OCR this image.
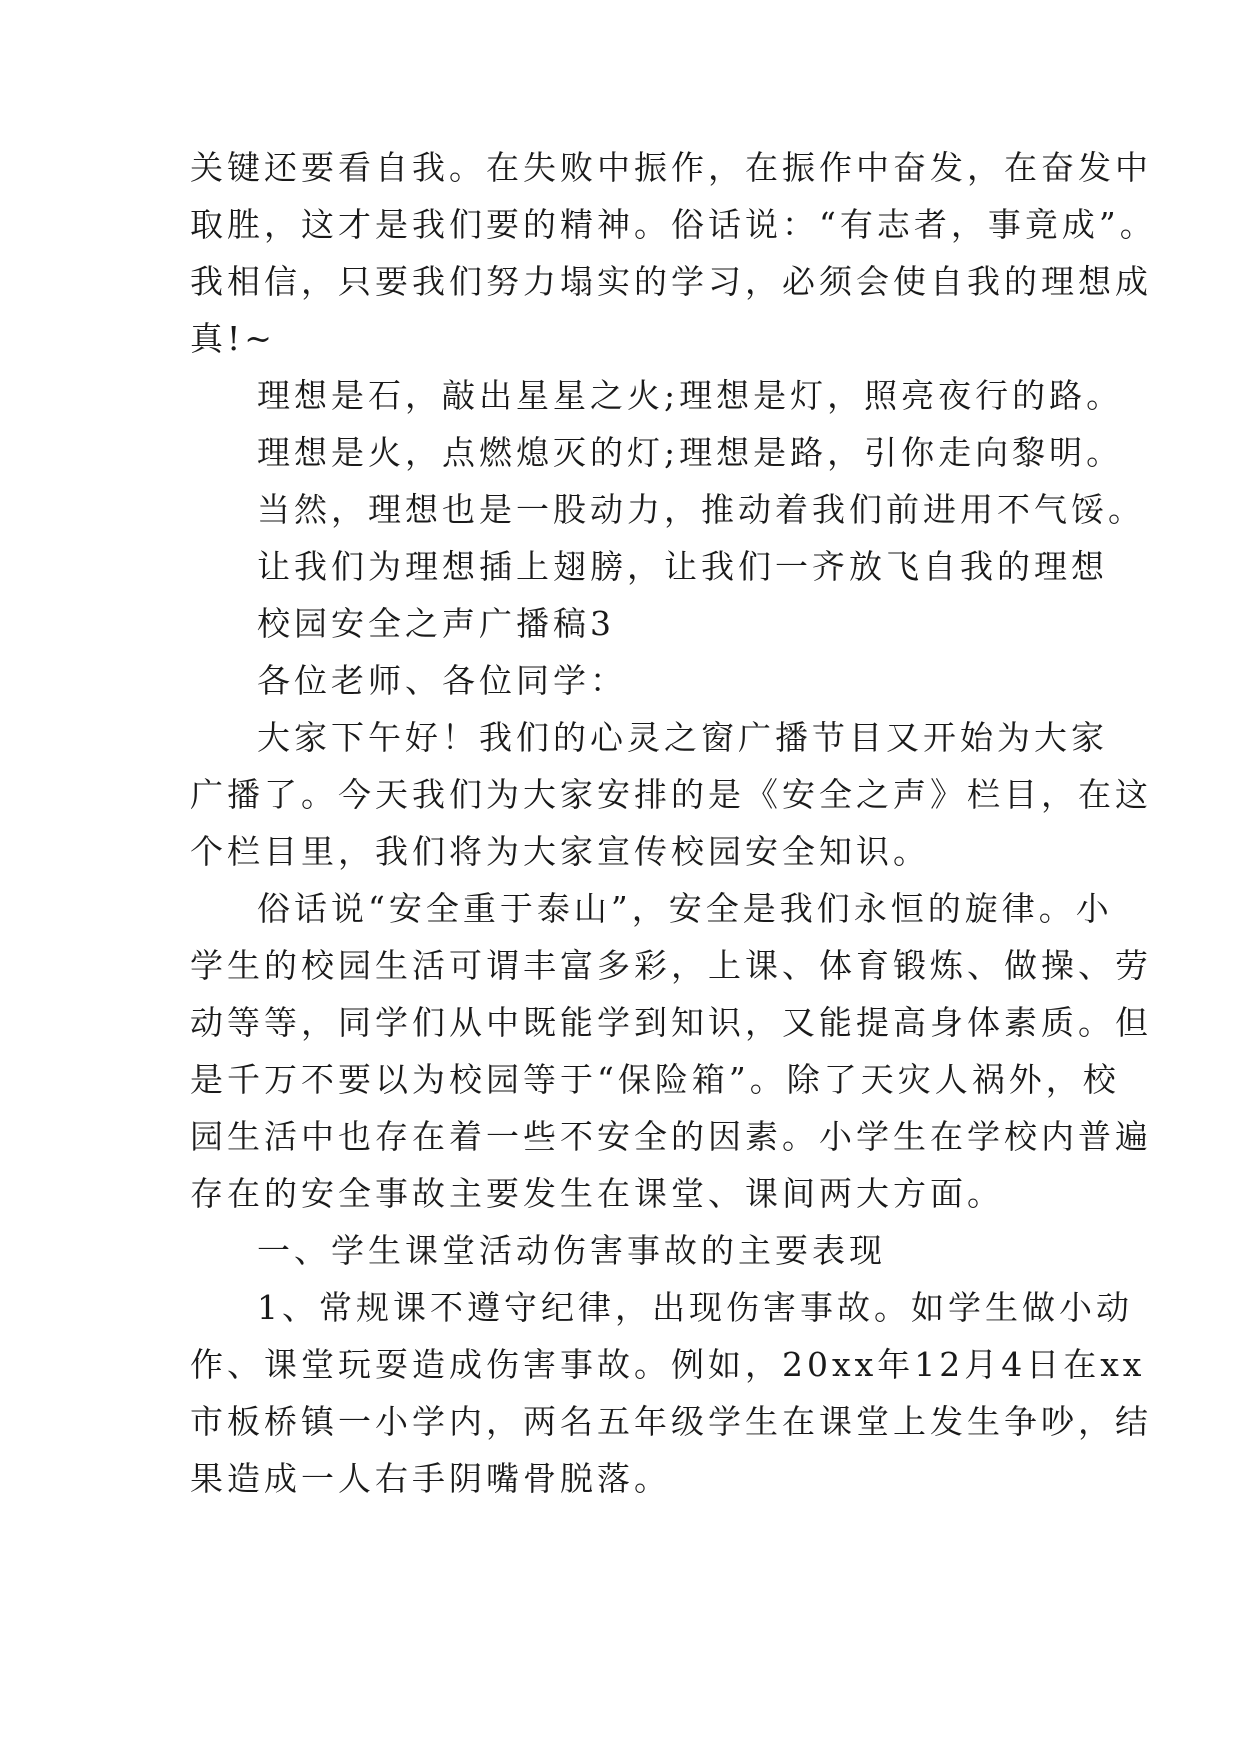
关键还要看自我。在失败中振作，在振作中奋发，在奋发中
取胜，这才是我们要的精神。俗话说：“有志者，事竟成”。
我相信，只要我们努力塌实的学习，必须会使自我的理想成
真!~
理想是石，敲出星星之火;理想是灯，照亮夜行的路。
理想是火，点燃熄灭的灯;理想是路，引你走向黎明。
当然，理想也是一股动力，推动着我们前进用不气馁。
让我们为理想插上翅膀，让我们一齐放飞自我的理想
校园安全之声广播稿3
各位老师、各位同学：
大家下午好！我们的心灵之窗广播节目又开始为大家
广播了。今天我们为大家安排的是《安全之声》栏目，在这
个栏目里，我们将为大家宣传校园安全知识。
俗话说“安全重于泰山”，安全是我们永恒的旋律。小
学生的校园生活可谓丰富多彩，上课、体育锻炼、做操、劳
动等等，同学们从中既能学到知识，又能提高身体素质。但
是千万不要以为校园等于“保险箱”。除了天灾人祸外，校
园生活中也存在着一些不安全的因素。小学生在学校内普遍
存在的安全事故主要发生在课堂、课间两大方面。
一、学生课堂活动伤害事故的主要表现
1、常规课不遵守纪律，出现伤害事故。如学生做小动
作、课堂玩耍造成伤害事故。例如，20xx年12月4日在xx
市板桥镇一小学内，两名五年级学生在课堂上发生争吵，结
果造成一人右手阴嘴骨脱落。
